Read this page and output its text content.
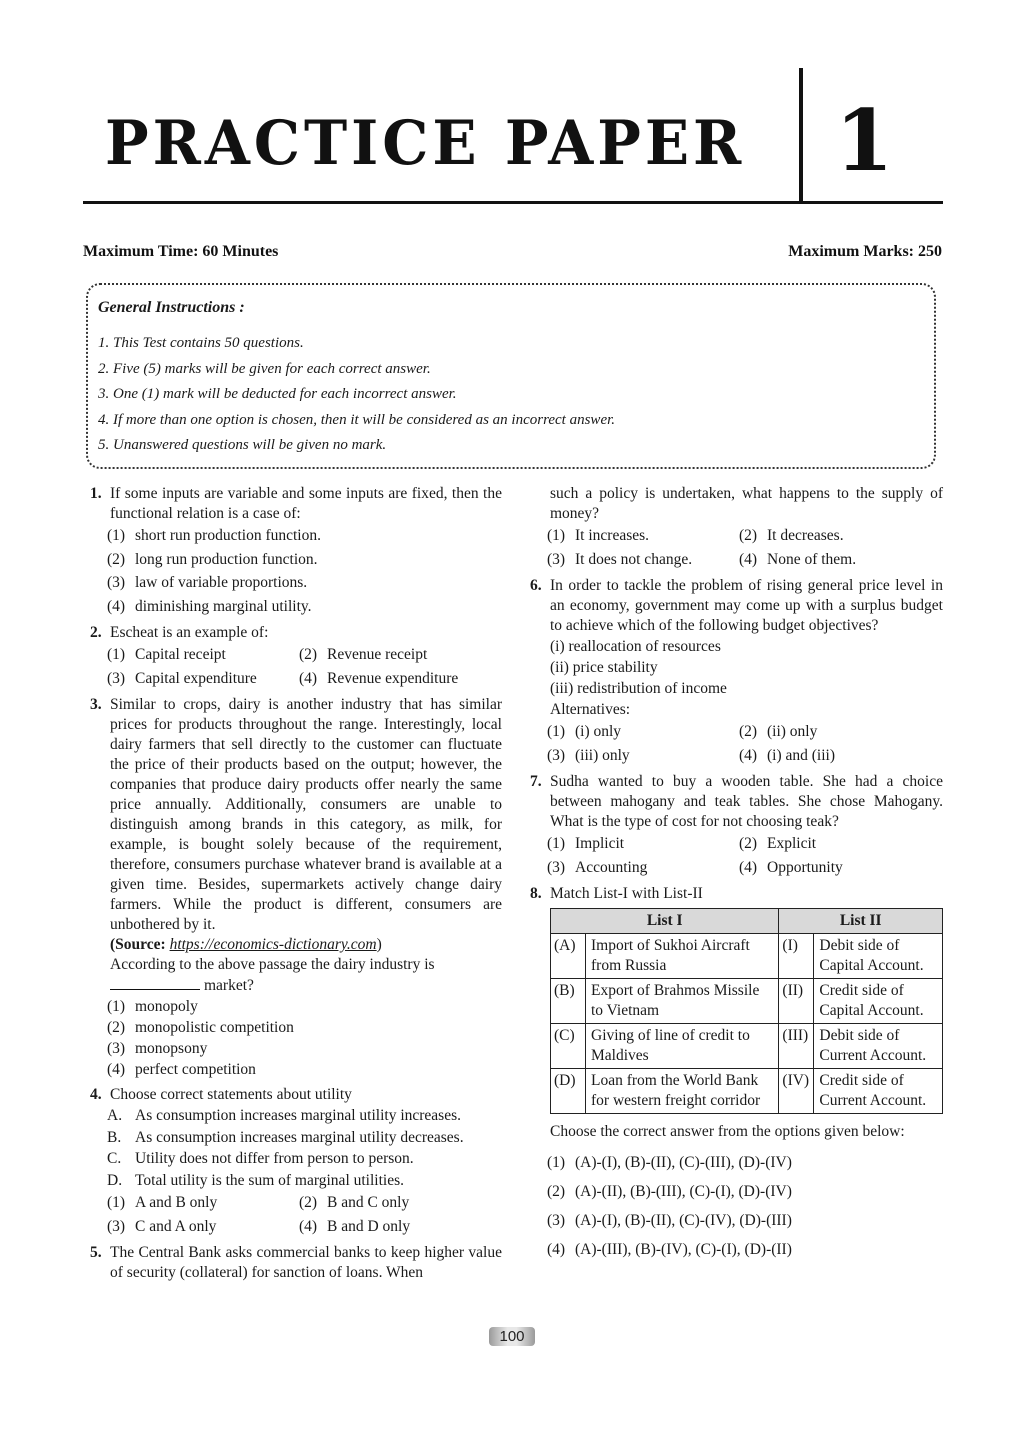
PRACTICE PAPER 1
Maximum Time: 60 Minutes	Maximum Marks: 250
General Instructions :
1. This Test contains 50 questions.
2. Five (5) marks will be given for each correct answer.
3. One (1) mark will be deducted for each incorrect answer.
4. If more than one option is chosen, then it will be considered as an incorrect answer.
5. Unanswered questions will be given no mark.
1. If some inputs are variable and some inputs are fixed, then the functional relation is a case of:
(1) short run production function.
(2) long run production function.
(3) law of variable proportions.
(4) diminishing marginal utility.
2. Escheat is an example of:
(1) Capital receipt	(2) Revenue receipt
(3) Capital expenditure	(4) Revenue expenditure
3. Similar to crops, dairy is another industry that has similar prices for products throughout the range. Interestingly, local dairy farmers that sell directly to the customer can fluctuate the price of their products based on the output; however, the companies that produce dairy products offer nearly the same price annually. Additionally, consumers are unable to distinguish among brands in this category, as milk, for example, is bought solely because of the requirement, therefore, consumers purchase whatever brand is available at a given time. Besides, supermarkets actively change dairy farmers. While the product is different, consumers are unbothered by it.
(Source: https://economics-dictionary.com)
According to the above passage the dairy industry is
market?
(1) monopoly
(2) monopolistic competition
(3) monopsony
(4) perfect competition
4. Choose correct statements about utility
A. As consumption increases marginal utility increases.
B. As consumption increases marginal utility decreases.
C. Utility does not differ from person to person.
D. Total utility is the sum of marginal utilities.
(1) A and B only	(2) B and C only
(3) C and A only	(4) B and D only
5. The Central Bank asks commercial banks to keep higher value of security (collateral) for sanction of loans. When
such a policy is undertaken, what happens to the supply of money?
(1) It increases.	(2) It decreases.
(3) It does not change.	(4) None of them.
6. In order to tackle the problem of rising general price level in an economy, government may come up with a surplus budget to achieve which of the following budget objectives?
(i) reallocation of resources
(ii) price stability
(iii) redistribution of income
Alternatives:
(1) (i) only	(2) (ii) only
(3) (iii) only	(4) (i) and (iii)
7. Sudha wanted to buy a wooden table. She had a choice between mahogany and teak tables. She chose Mahogany. What is the type of cost for not choosing teak?
(1) Implicit	(2) Explicit
(3) Accounting	(4) Opportunity
8. Match List-I with List-II
List I		List II	
(A)	Import of Sukhoi Aircraft from Russia	(I)	Debit side of Capital Account.
(B)	Export of Brahmos Missile to Vietnam	(II)	Credit side of Capital Account.
(C)	Giving of line of credit to Maldives	(III)	Debit side of Current Account.
(D)	Loan from the World Bank for western freight corridor	(IV)	Credit side of Current Account.
Choose the correct answer from the options given below:
(1) (A)-(I), (B)-(II), (C)-(III), (D)-(IV)
(2) (A)-(II), (B)-(III), (C)-(I), (D)-(IV)
(3) (A)-(I), (B)-(II), (C)-(IV), (D)-(III)
(4) (A)-(III), (B)-(IV), (C)-(I), (D)-(II)
100
